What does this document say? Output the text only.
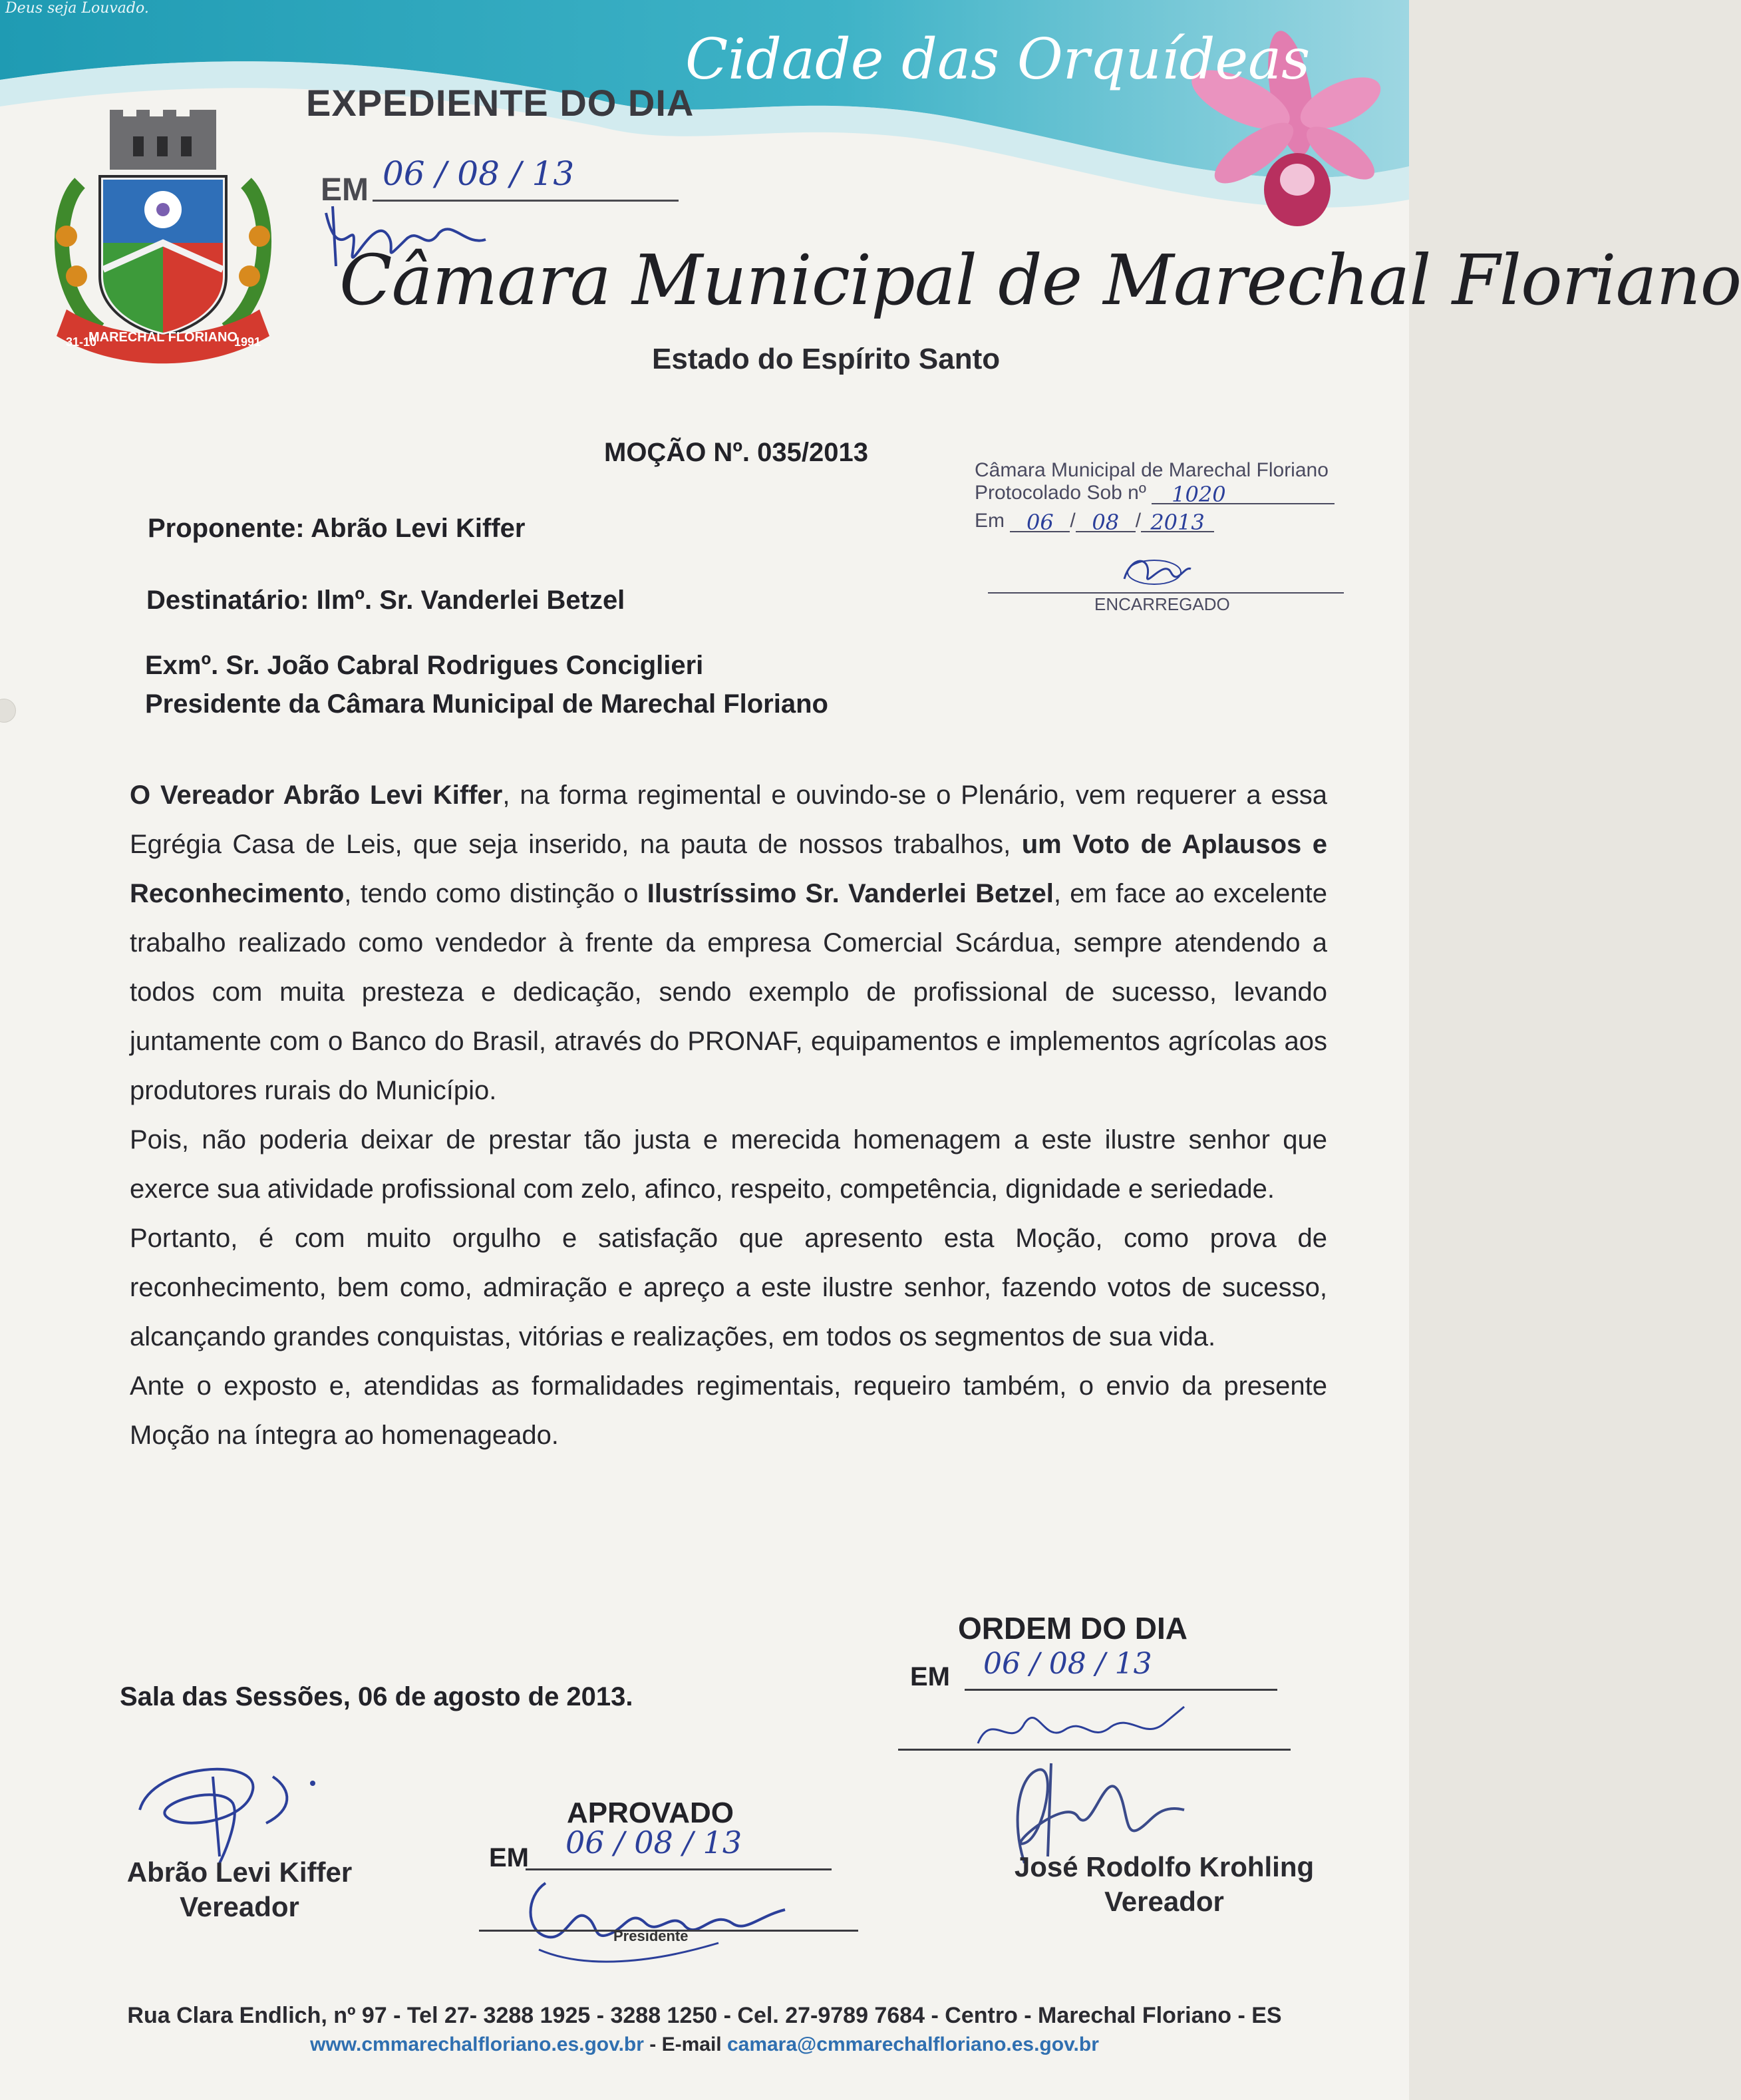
Deus seja Louvado.
EXPEDIENTE DO DIA
EM 06 / 08 / 13
Cidade das Orquídeas
MARECHAL FLORIANO
31-10	1991
Câmara Municipal de Marechal Floriano
Estado do Espírito Santo
MOÇÃO Nº. 035/2013
Câmara Municipal de Marechal Floriano
Protocolado Sob nº 1020
Em 06 / 08 / 2013
ENCARREGADO
Proponente: Abrão Levi Kiffer
Destinatário: Ilmº. Sr. Vanderlei Betzel
Exmº. Sr. João Cabral Rodrigues Conciglieri
Presidente da Câmara Municipal de Marechal Floriano

O Vereador Abrão Levi Kiffer, na forma regimental e ouvindo-se o Plenário, vem requerer a essa Egrégia Casa de Leis, que seja inserido, na pauta de nossos trabalhos, um Voto de Aplausos e Reconhecimento, tendo como distinção o Ilustríssimo Sr. Vanderlei Betzel, em face ao excelente trabalho realizado como vendedor à frente da empresa Comercial Scárdua, sempre atendendo a todos com muita presteza e dedicação, sendo exemplo de profissional de sucesso, levando juntamente com o Banco do Brasil, através do PRONAF, equipamentos e implementos agrícolas aos produtores rurais do Município.

Pois, não poderia deixar de prestar tão justa e merecida homenagem a este ilustre senhor que exerce sua atividade profissional com zelo, afinco, respeito, competência, dignidade e seriedade.

Portanto, é com muito orgulho e satisfação que apresento esta Moção, como prova de reconhecimento, bem como, admiração e apreço a este ilustre senhor, fazendo votos de sucesso, alcançando grandes conquistas, vitórias e realizações, em todos os segmentos de sua vida.

Ante o exposto e, atendidas as formalidades regimentais, requeiro também, o envio da presente Moção na íntegra ao homenageado.

Sala das Sessões, 06 de agosto de 2013.
ORDEM DO DIA
EM 06 / 08 / 13
APROVADO
EM 06 / 08 / 13
Presidente
Abrão Levi Kiffer
Vereador
José Rodolfo Krohling
Vereador
Rua Clara Endlich, nº 97 - Tel 27- 3288 1925 - 3288 1250 - Cel. 27-9789 7684 - Centro - Marechal Floriano - ES
www.cmmarechalfloriano.es.gov.br - E-mail camara@cmmarechalfloriano.es.gov.br
